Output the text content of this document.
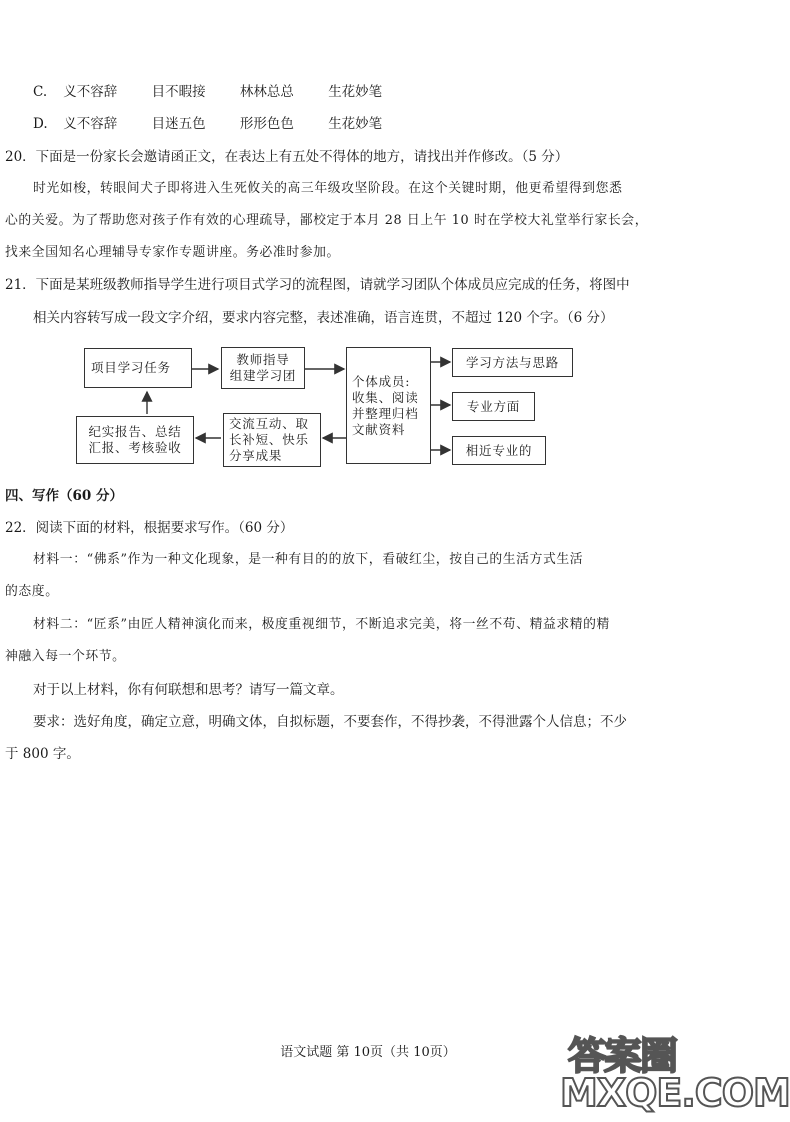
C. 义不容辞	目不暇接	林林总总	生花妙笔
D. 义不容辞	目迷五色	形形色色	生花妙笔
20．下面是一份家长会邀请函正文，在表达上有五处不得体的地方，请找出并作修改。（5 分）
时光如梭，转眼间犬子即将进入生死攸关的高三年级攻坚阶段。在这个关键时期，他更希望得到您悉
心的关爱。为了帮助您对孩子作有效的心理疏导，鄙校定于本月 28 日上午 10 时在学校大礼堂举行家长会，
找来全国知名心理辅导专家作专题讲座。务必准时参加。
21．下面是某班级教师指导学生进行项目式学习的流程图，请就学习团队个体成员应完成的任务，将图中
相关内容转写成一段文字介绍，要求内容完整，表述准确，语言连贯，不超过 120 个字。（6 分）
项目学习任务
教师指导
组建学习团	个体成员:
收集、阅读
并整理归档
文献资料
学习方法与思路
专业方面
相近专业的
交流互动、取
长补短、快乐
分享成果
纪实报告、总结
汇报、考核验收
四、写作（60 分）
22．阅读下面的材料，根据要求写作。（60 分）
材料一：“佛系”作为一种文化现象，是一种有目的的放下，看破红尘，按自己的生活方式生活
的态度。
材料二：“匠系”由匠人精神演化而来，极度重视细节，不断追求完美，将一丝不苟、精益求精的精
神融入每一个环节。
对于以上材料，你有何联想和思考？请写一篇文章。
要求：选好角度，确定立意，明确文体，自拟标题，不要套作，不得抄袭，不得泄露个人信息；不少
于 800 字。
语文试题 第 10页（共 10页）	答案圈
MXQE.COM
